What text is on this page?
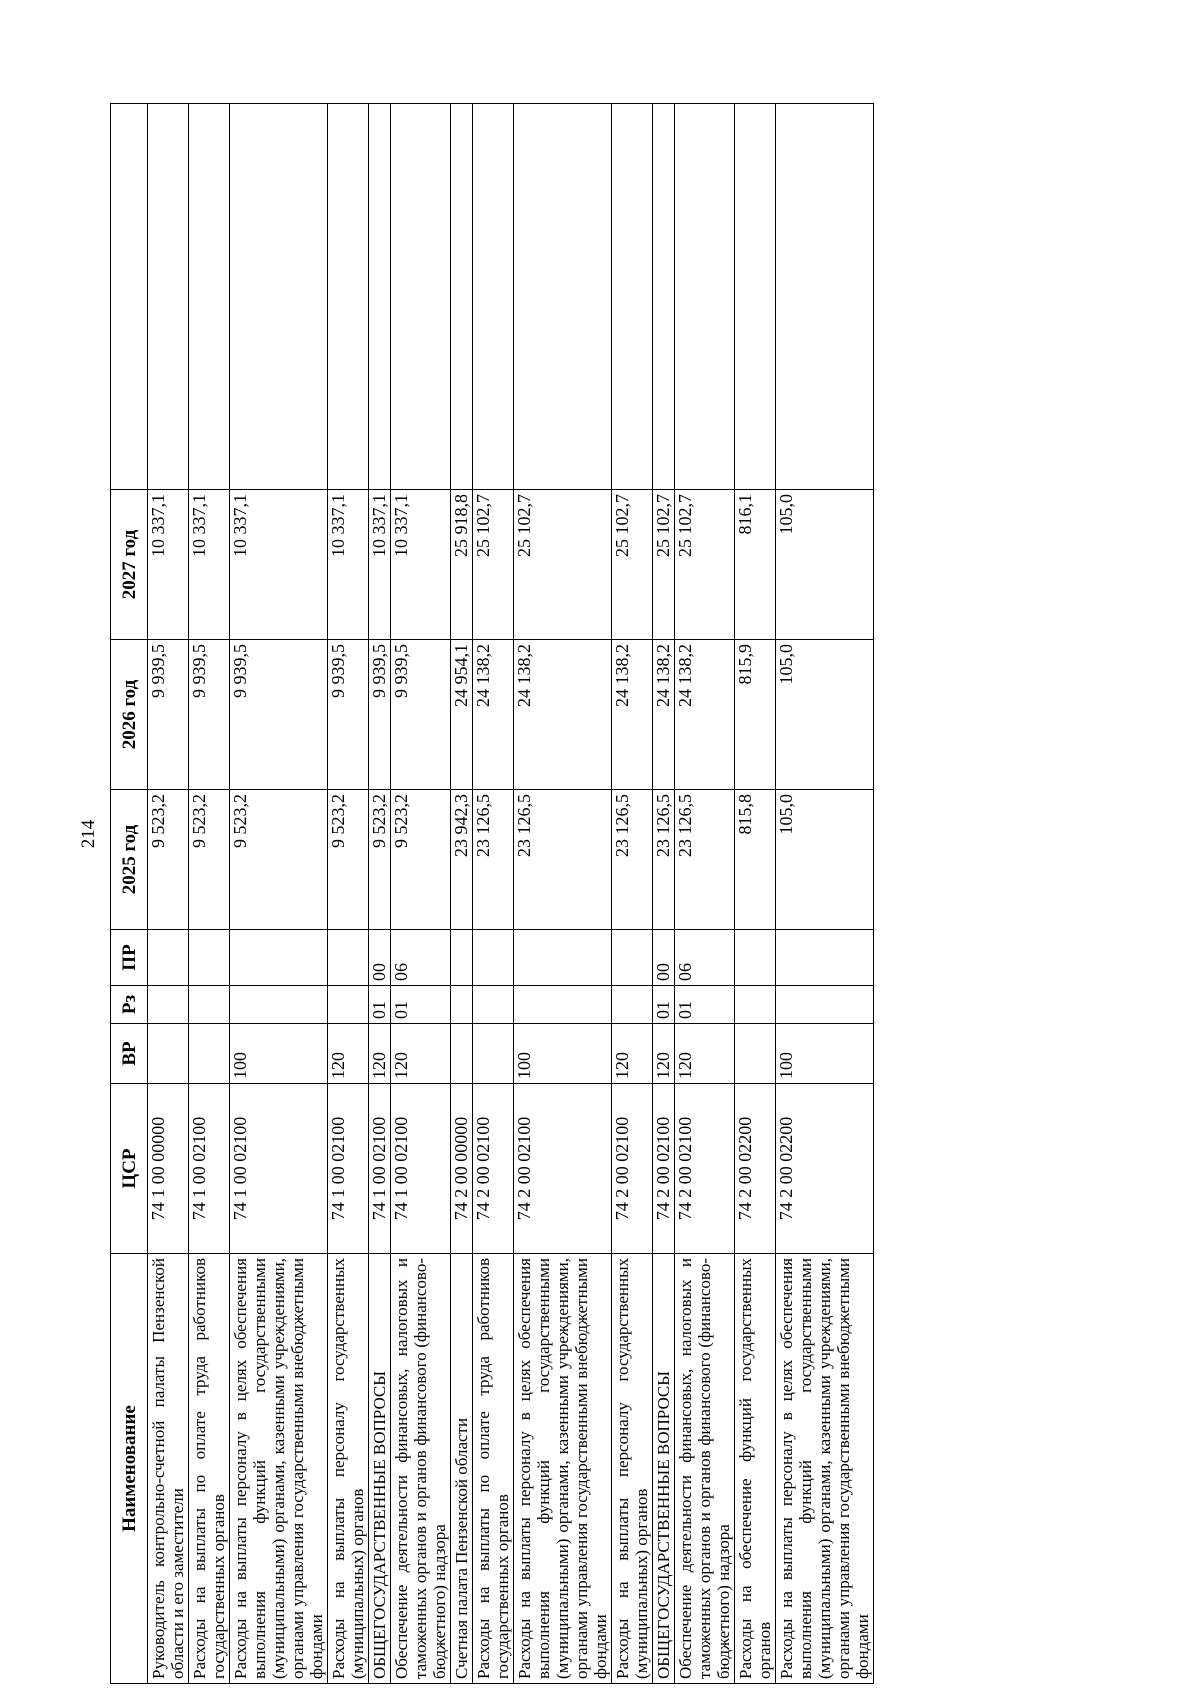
214
Наименование	ЦСР	ВР	Рз	ПР	2025 год	2026 год	2027 год	
Руководитель контрольно-счетной палаты Пензенской области и его заместители	74 1 00 00000				9 523,2	9 939,5	10 337,1	
Расходы на выплаты по оплате труда работников государственных органов	74 1 00 02100				9 523,2	9 939,5	10 337,1	
Расходы на выплаты персоналу в целях обеспечения выполнения функций государственными (муниципальными) органами, казенными учреждениями, органами управления государственными внебюджетными фондами	74 1 00 02100	100			9 523,2	9 939,5	10 337,1	
Расходы на выплаты персоналу государственных (муниципальных) органов	74 1 00 02100	120			9 523,2	9 939,5	10 337,1	
ОБЩЕГОСУДАРСТВЕННЫЕ ВОПРОСЫ	74 1 00 02100	120	01	00	9 523,2	9 939,5	10 337,1	
Обеспечение деятельности финансовых, налоговых и таможенных органов и органов финансового (финансово-бюджетного) надзора	74 1 00 02100	120	01	06	9 523,2	9 939,5	10 337,1	
Счетная палата Пензенской области	74 2 00 00000				23 942,3	24 954,1	25 918,8	
Расходы на выплаты по оплате труда работников государственных органов	74 2 00 02100				23 126,5	24 138,2	25 102,7	
Расходы на выплаты персоналу в целях обеспечения выполнения функций государственными (муниципальными) органами, казенными учреждениями, органами управления государственными внебюджетными фондами	74 2 00 02100	100			23 126,5	24 138,2	25 102,7	
Расходы на выплаты персоналу государственных (муниципальных) органов	74 2 00 02100	120			23 126,5	24 138,2	25 102,7	
ОБЩЕГОСУДАРСТВЕННЫЕ ВОПРОСЫ	74 2 00 02100	120	01	00	23 126,5	24 138,2	25 102,7	
Обеспечение деятельности финансовых, налоговых и таможенных органов и органов финансового (финансово-бюджетного) надзора	74 2 00 02100	120	01	06	23 126,5	24 138,2	25 102,7	
Расходы на обеспечение функций государственных органов	74 2 00 02200				815,8	815,9	816,1	
Расходы на выплаты персоналу в целях обеспечения выполнения функций государственными (муниципальными) органами, казенными учреждениями, органами управления государственными внебюджетными фондами	74 2 00 02200	100			105,0	105,0	105,0	
